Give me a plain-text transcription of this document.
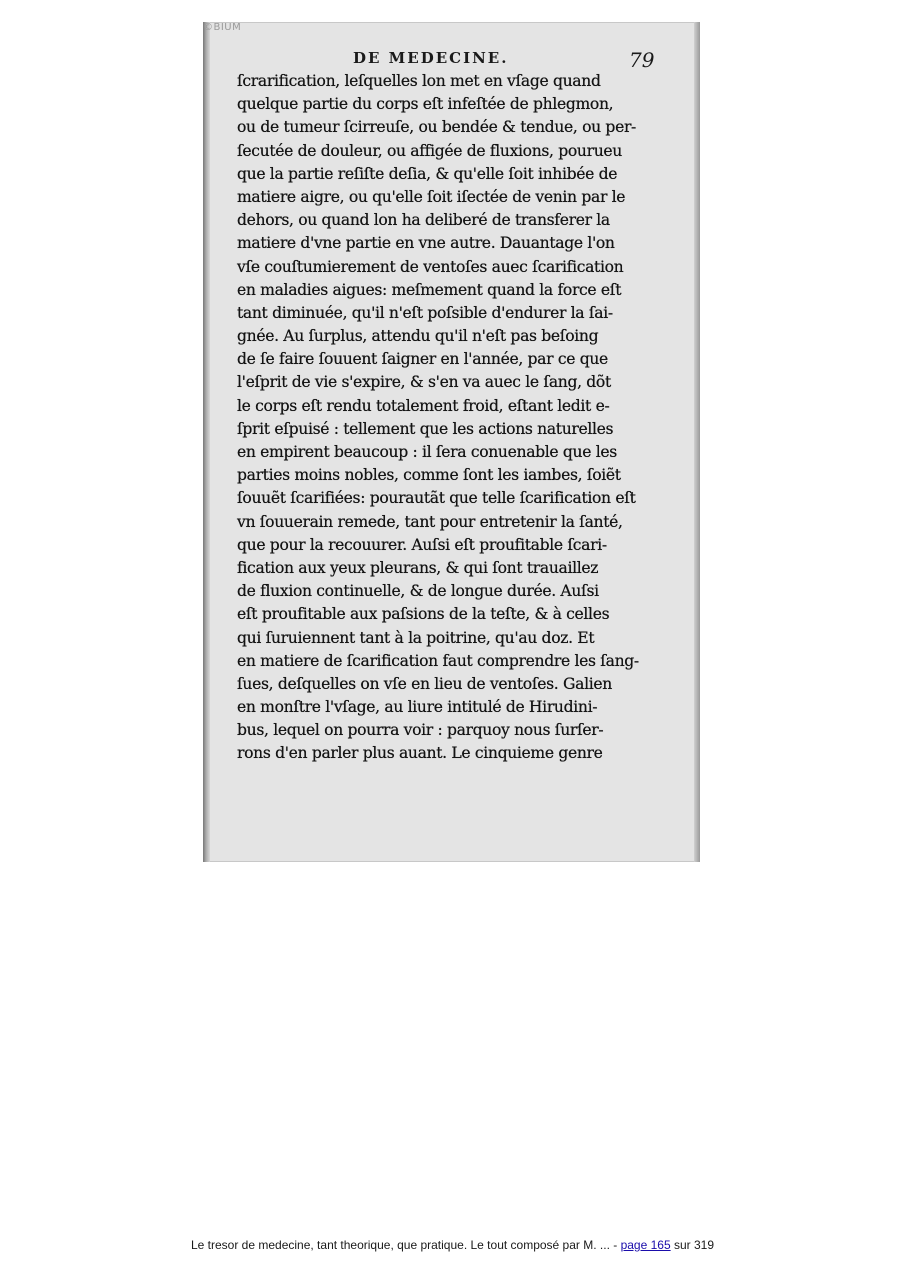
©BIUM
DE MEDECINE.	79
ſcrarification, leſquelles lon met en vſage quand
quelque partie du corps eſt infeſtée de phlegmon,
ou de tumeur ſcirreuſe, ou bendée & tendue, ou per-
ſecutée de douleur, ou affigée de fluxions, pourueu
que la partie reſiſte deſia, & qu'elle ſoit inhibée de
matiere aigre, ou qu'elle ſoit iſectée de venin par le
dehors, ou quand lon ha deliberé de transferer la
matiere d'vne partie en vne autre. Dauantage l'on
vſe couſtumierement de ventoſes auec ſcarification
en maladies aigues: meſmement quand la force eſt
tant diminuée, qu'il n'eſt poſsible d'endurer la ſai-
gnée. Au ſurplus, attendu qu'il n'eſt pas beſoing
de ſe faire ſouuent ſaigner en l'année, par ce que
l'eſprit de vie s'expire, & s'en va auec le ſang, dõt
le corps eſt rendu totalement froid, eſtant ledit e-
ſprit eſpuisé : tellement que les actions naturelles
en empirent beaucoup : il ſera conuenable que les
parties moins nobles, comme ſont les iambes, ſoiẽt
ſouuẽt ſcarifiées: pourautãt que telle ſcarification eſt
vn ſouuerain remede, tant pour entretenir la ſanté,
que pour la recouurer. Auſsi eſt proufitable ſcari-
fication aux yeux pleurans, & qui ſont trauaillez
de fluxion continuelle, & de longue durée. Auſsi
eſt proufitable aux paſsions de la teſte, & à celles
qui ſuruiennent tant à la poitrine, qu'au doz. Et
en matiere de ſcarification faut comprendre les ſang-
ſues, deſquelles on vſe en lieu de ventoſes. Galien
en monſtre l'vſage, au liure intitulé de Hirudini-
bus, lequel on pourra voir : parquoy nous ſurſer-
rons d'en parler plus auant. Le cinquieme genre
Le tresor de medecine, tant theorique, que pratique. Le tout composé par M. ... - page 165 sur 319
